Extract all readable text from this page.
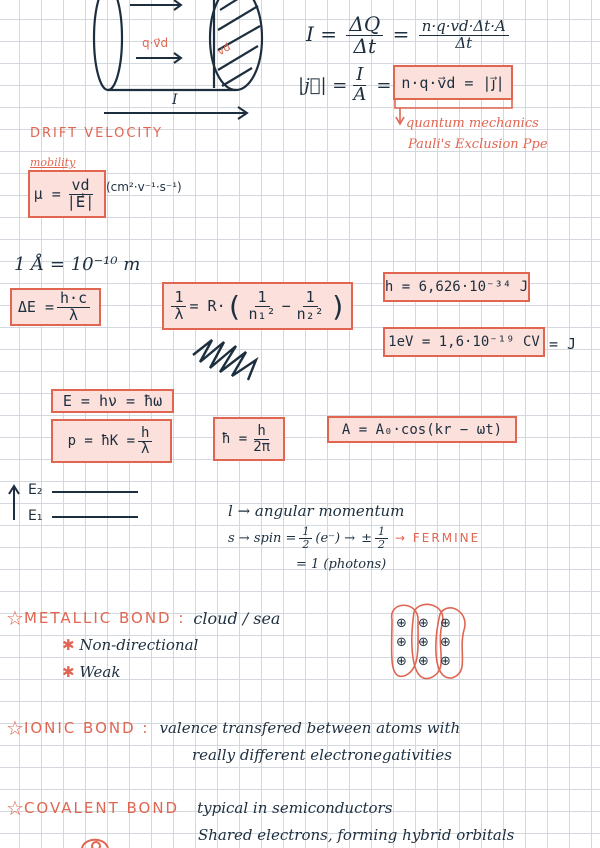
vd
$I = \frac{\Delta Q}{\Delta t} = \frac{n\cdot q\cdot vd\cdot\Delta t\cdot A}{\Delta t}$
q·v⃗d
I
|j⃗| = $\frac{I}{A}$ = n·q·v⃗d = |j⃗|
quantum mechanics
Pauli's Exclusion Ppe
DRIFT VELOCITY
mobility
$\mu = \frac{vd}{|E⃗|} (cm^2\cdot v^{-1}\cdot s^{-1})$
1 Å = 10⁻¹⁰ m
$\Delta E = \frac{h\cdot c}{\lambda}$	$\frac{1}{\lambda} = R\cdot$ ( $\frac{1}{\text{n₁²}} - \frac{1}{\text{n₂²}}$ )
h = 6,626·10⁻³⁴ J
1eV = 1,6·10⁻¹⁹ CV = J
E = hν = ħω
p = ħK = $\frac{h}{\lambda}$	ħ = $\frac{h}{2\pi}$	A = A₀·cos(kr − ωt)
E₂
E₁	l → angular momentum
s → spin = $\frac{1}{2} (e^-)$ → ± $\frac{1}{2}$ → FERMINE
= 1 (photons)
☆ METALLIC BOND : cloud / sea
✱ Non-directional
✱ Weak
⊕ ⊕ ⊕
⊕ ⊕ ⊕
⊕ ⊕ ⊕
☆ IONIC BOND : valence transfered between atoms with
really different electronegativities
☆ COVALENT BOND typical in semiconductors
Shared electrons, forming hybrid orbitals
